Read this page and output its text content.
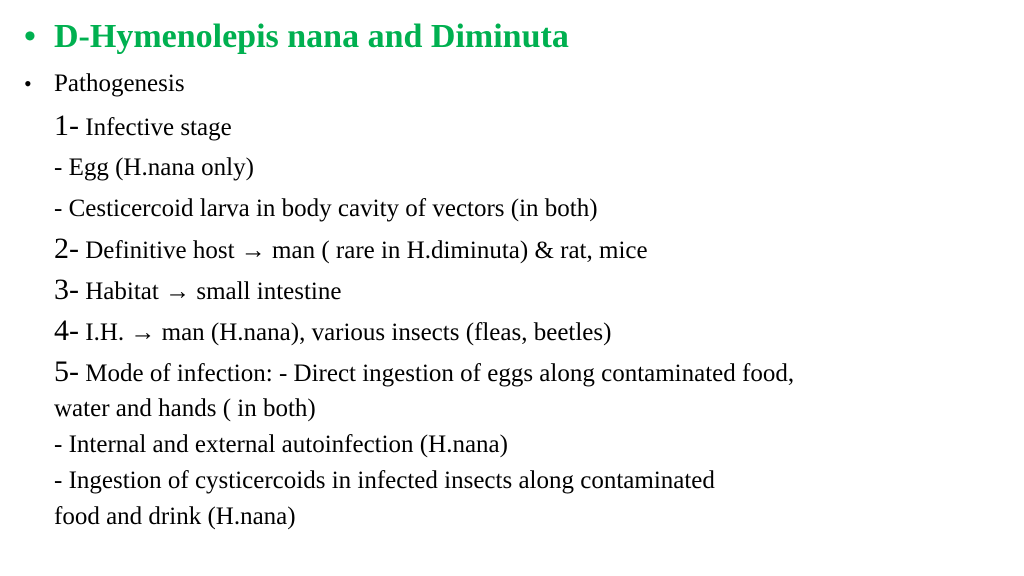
• D-Hymenolepis nana and Diminuta
• Pathogenesis
1- Infective stage
- Egg (H.nana only)
- Cesticercoid larva in body cavity of vectors (in both)
2- Definitive host → man ( rare in H.diminuta) & rat, mice
3- Habitat → small intestine
4- I.H. → man (H.nana), various insects (fleas, beetles)
5- Mode of infection: - Direct ingestion of eggs along contaminated food,
water and hands ( in both)
- Internal and external autoinfection (H.nana)
- Ingestion of cysticercoids in infected insects along contaminated
food and drink (H.nana)
